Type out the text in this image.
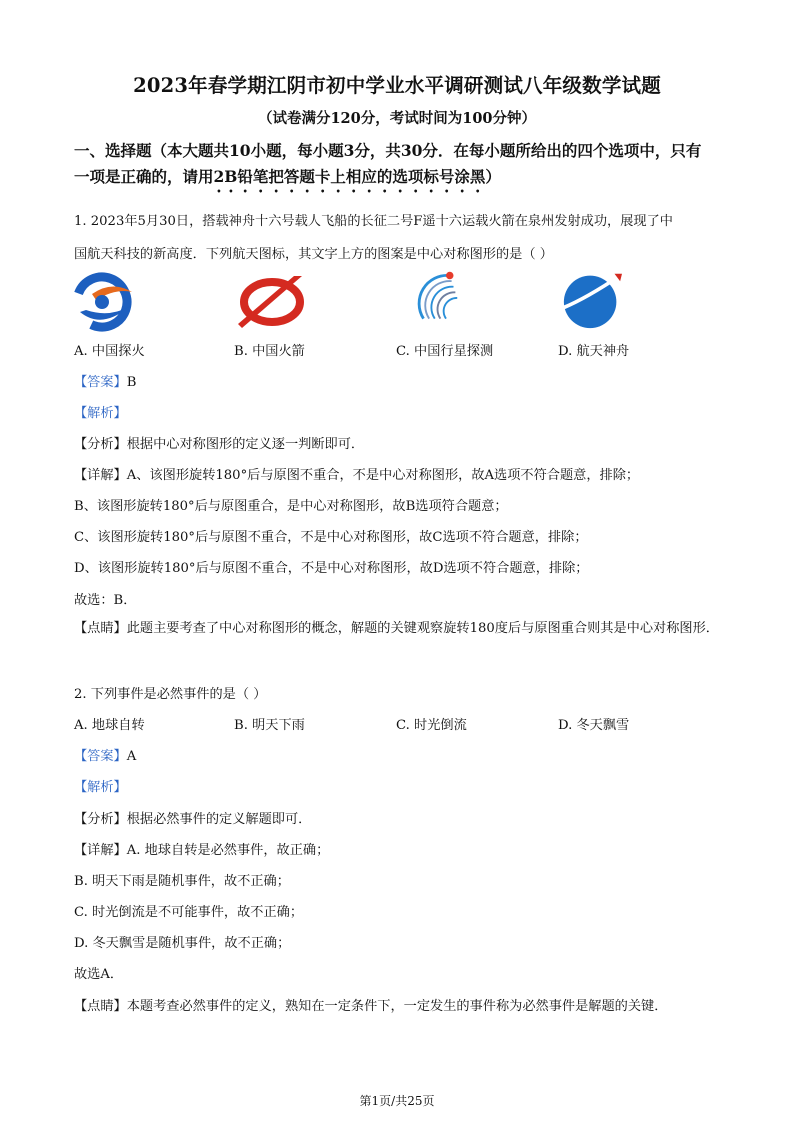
2023年春学期江阴市初中学业水平调研测试八年级数学试题
（试卷满分120分，考试时间为100分钟）
一、选择题（本大题共10小题，每小题3分，共30分．在每小题所给出的四个选项中，只有
一项是正确的，请用2B铅笔把答题卡上相应的选项标号涂黑）
1. 2023年5月30日，搭载神舟十六号载人飞船的长征二号F遥十六运载火箭在泉州发射成功，展现了中
国航天科技的新高度．下列航天图标，其文字上方的图案是中心对称图形的是（ ）
A. 中国探火	B. 中国火箭	C. 中国行星探测	D. 航天神舟
【答案】B
【解析】
【分析】根据中心对称图形的定义逐一判断即可．
【详解】A、该图形旋转180°后与原图不重合，不是中心对称图形，故A选项不符合题意，排除；
B、该图形旋转180°后与原图重合，是中心对称图形，故B选项符合题意；
C、该图形旋转180°后与原图不重合，不是中心对称图形，故C选项不符合题意，排除；
D、该图形旋转180°后与原图不重合，不是中心对称图形，故D选项不符合题意，排除；
故选：B．
【点睛】此题主要考查了中心对称图形的概念，解题的关键观察旋转180度后与原图重合则其是中心对称图形．
2. 下列事件是必然事件的是（ ）
A. 地球自转	B. 明天下雨	C. 时光倒流	D. 冬天飘雪
【答案】A
【解析】
【分析】根据必然事件的定义解题即可．
【详解】A. 地球自转是必然事件，故正确；
B. 明天下雨是随机事件，故不正确；
C. 时光倒流是不可能事件，故不正确；
D. 冬天飘雪是随机事件，故不正确；
故选A．
【点睛】本题考查必然事件的定义，熟知在一定条件下，一定发生的事件称为必然事件是解题的关键．
第1页/共25页
